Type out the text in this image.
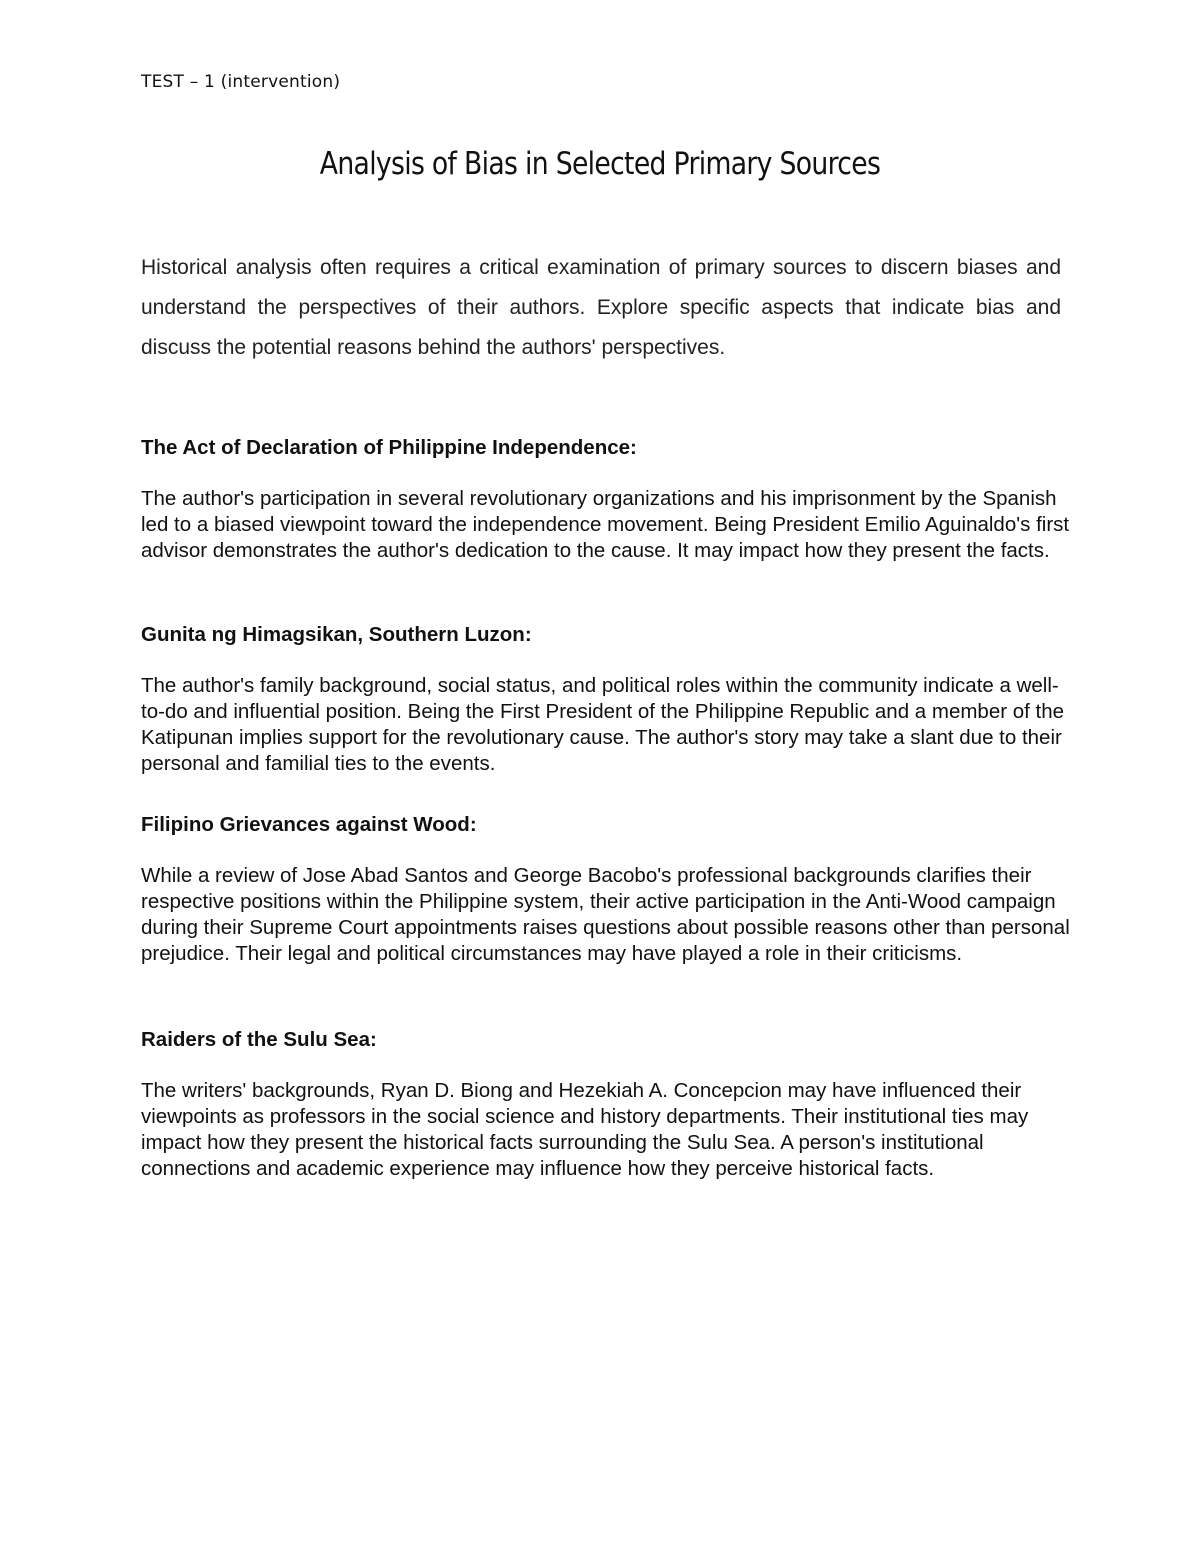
TEST – 1 (intervention)
Analysis of Bias in Selected Primary Sources

Historical analysis often requires a critical examination of primary sources to discern biases and understand the perspectives of their authors. Explore specific aspects that indicate bias and discuss the potential reasons behind the authors' perspectives.

The Act of Declaration of Philippine Independence:

The author's participation in several revolutionary organizations and his imprisonment by the Spanish led to a biased viewpoint toward the independence movement. Being President Emilio Aguinaldo's first advisor demonstrates the author's dedication to the cause. It may impact how they present the facts.

Gunita ng Himagsikan, Southern Luzon:

The author's family background, social status, and political roles within the community indicate a well-to-do and influential position. Being the First President of the Philippine Republic and a member of the Katipunan implies support for the revolutionary cause. The author's story may take a slant due to their personal and familial ties to the events.

Filipino Grievances against Wood:

While a review of Jose Abad Santos and George Bacobo's professional backgrounds clarifies their respective positions within the Philippine system, their active participation in the Anti-Wood campaign during their Supreme Court appointments raises questions about possible reasons other than personal prejudice. Their legal and political circumstances may have played a role in their criticisms.

Raiders of the Sulu Sea:

The writers' backgrounds, Ryan D. Biong and Hezekiah A. Concepcion may have influenced their viewpoints as professors in the social science and history departments. Their institutional ties may impact how they present the historical facts surrounding the Sulu Sea. A person's institutional connections and academic experience may influence how they perceive historical facts.
